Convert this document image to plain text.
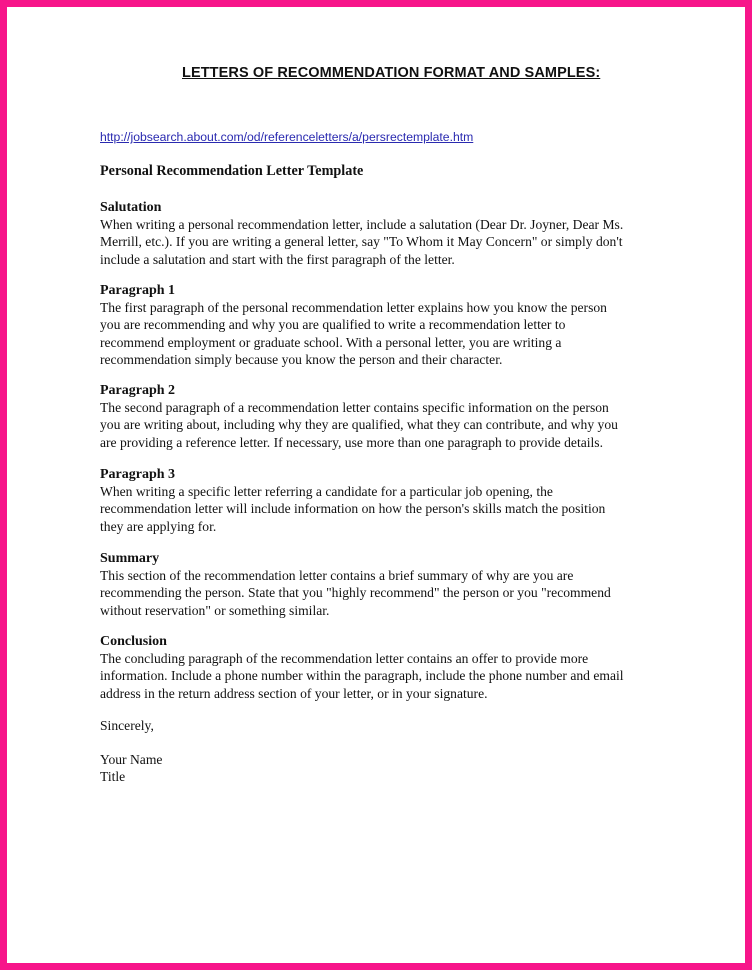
LETTERS OF RECOMMENDATION FORMAT AND SAMPLES:
http://jobsearch.about.com/od/referenceletters/a/persrectemplate.htm
Personal Recommendation Letter Template
Salutation
When writing a personal recommendation letter, include a salutation (Dear Dr. Joyner, Dear Ms.
Merrill, etc.). If you are writing a general letter, say "To Whom it May Concern" or simply don't
include a salutation and start with the first paragraph of the letter.
Paragraph 1
The first paragraph of the personal recommendation letter explains how you know the person
you are recommending and why you are qualified to write a recommendation letter to
recommend employment or graduate school. With a personal letter, you are writing a
recommendation simply because you know the person and their character.
Paragraph 2
The second paragraph of a recommendation letter contains specific information on the person
you are writing about, including why they are qualified, what they can contribute, and why you
are providing a reference letter. If necessary, use more than one paragraph to provide details.
Paragraph 3
When writing a specific letter referring a candidate for a particular job opening, the
recommendation letter will include information on how the person's skills match the position
they are applying for.
Summary
This section of the recommendation letter contains a brief summary of why are you are
recommending the person. State that you "highly recommend" the person or you "recommend
without reservation" or something similar.
Conclusion
The concluding paragraph of the recommendation letter contains an offer to provide more
information. Include a phone number within the paragraph, include the phone number and email
address in the return address section of your letter, or in your signature.
Sincerely,
Your Name
Title
